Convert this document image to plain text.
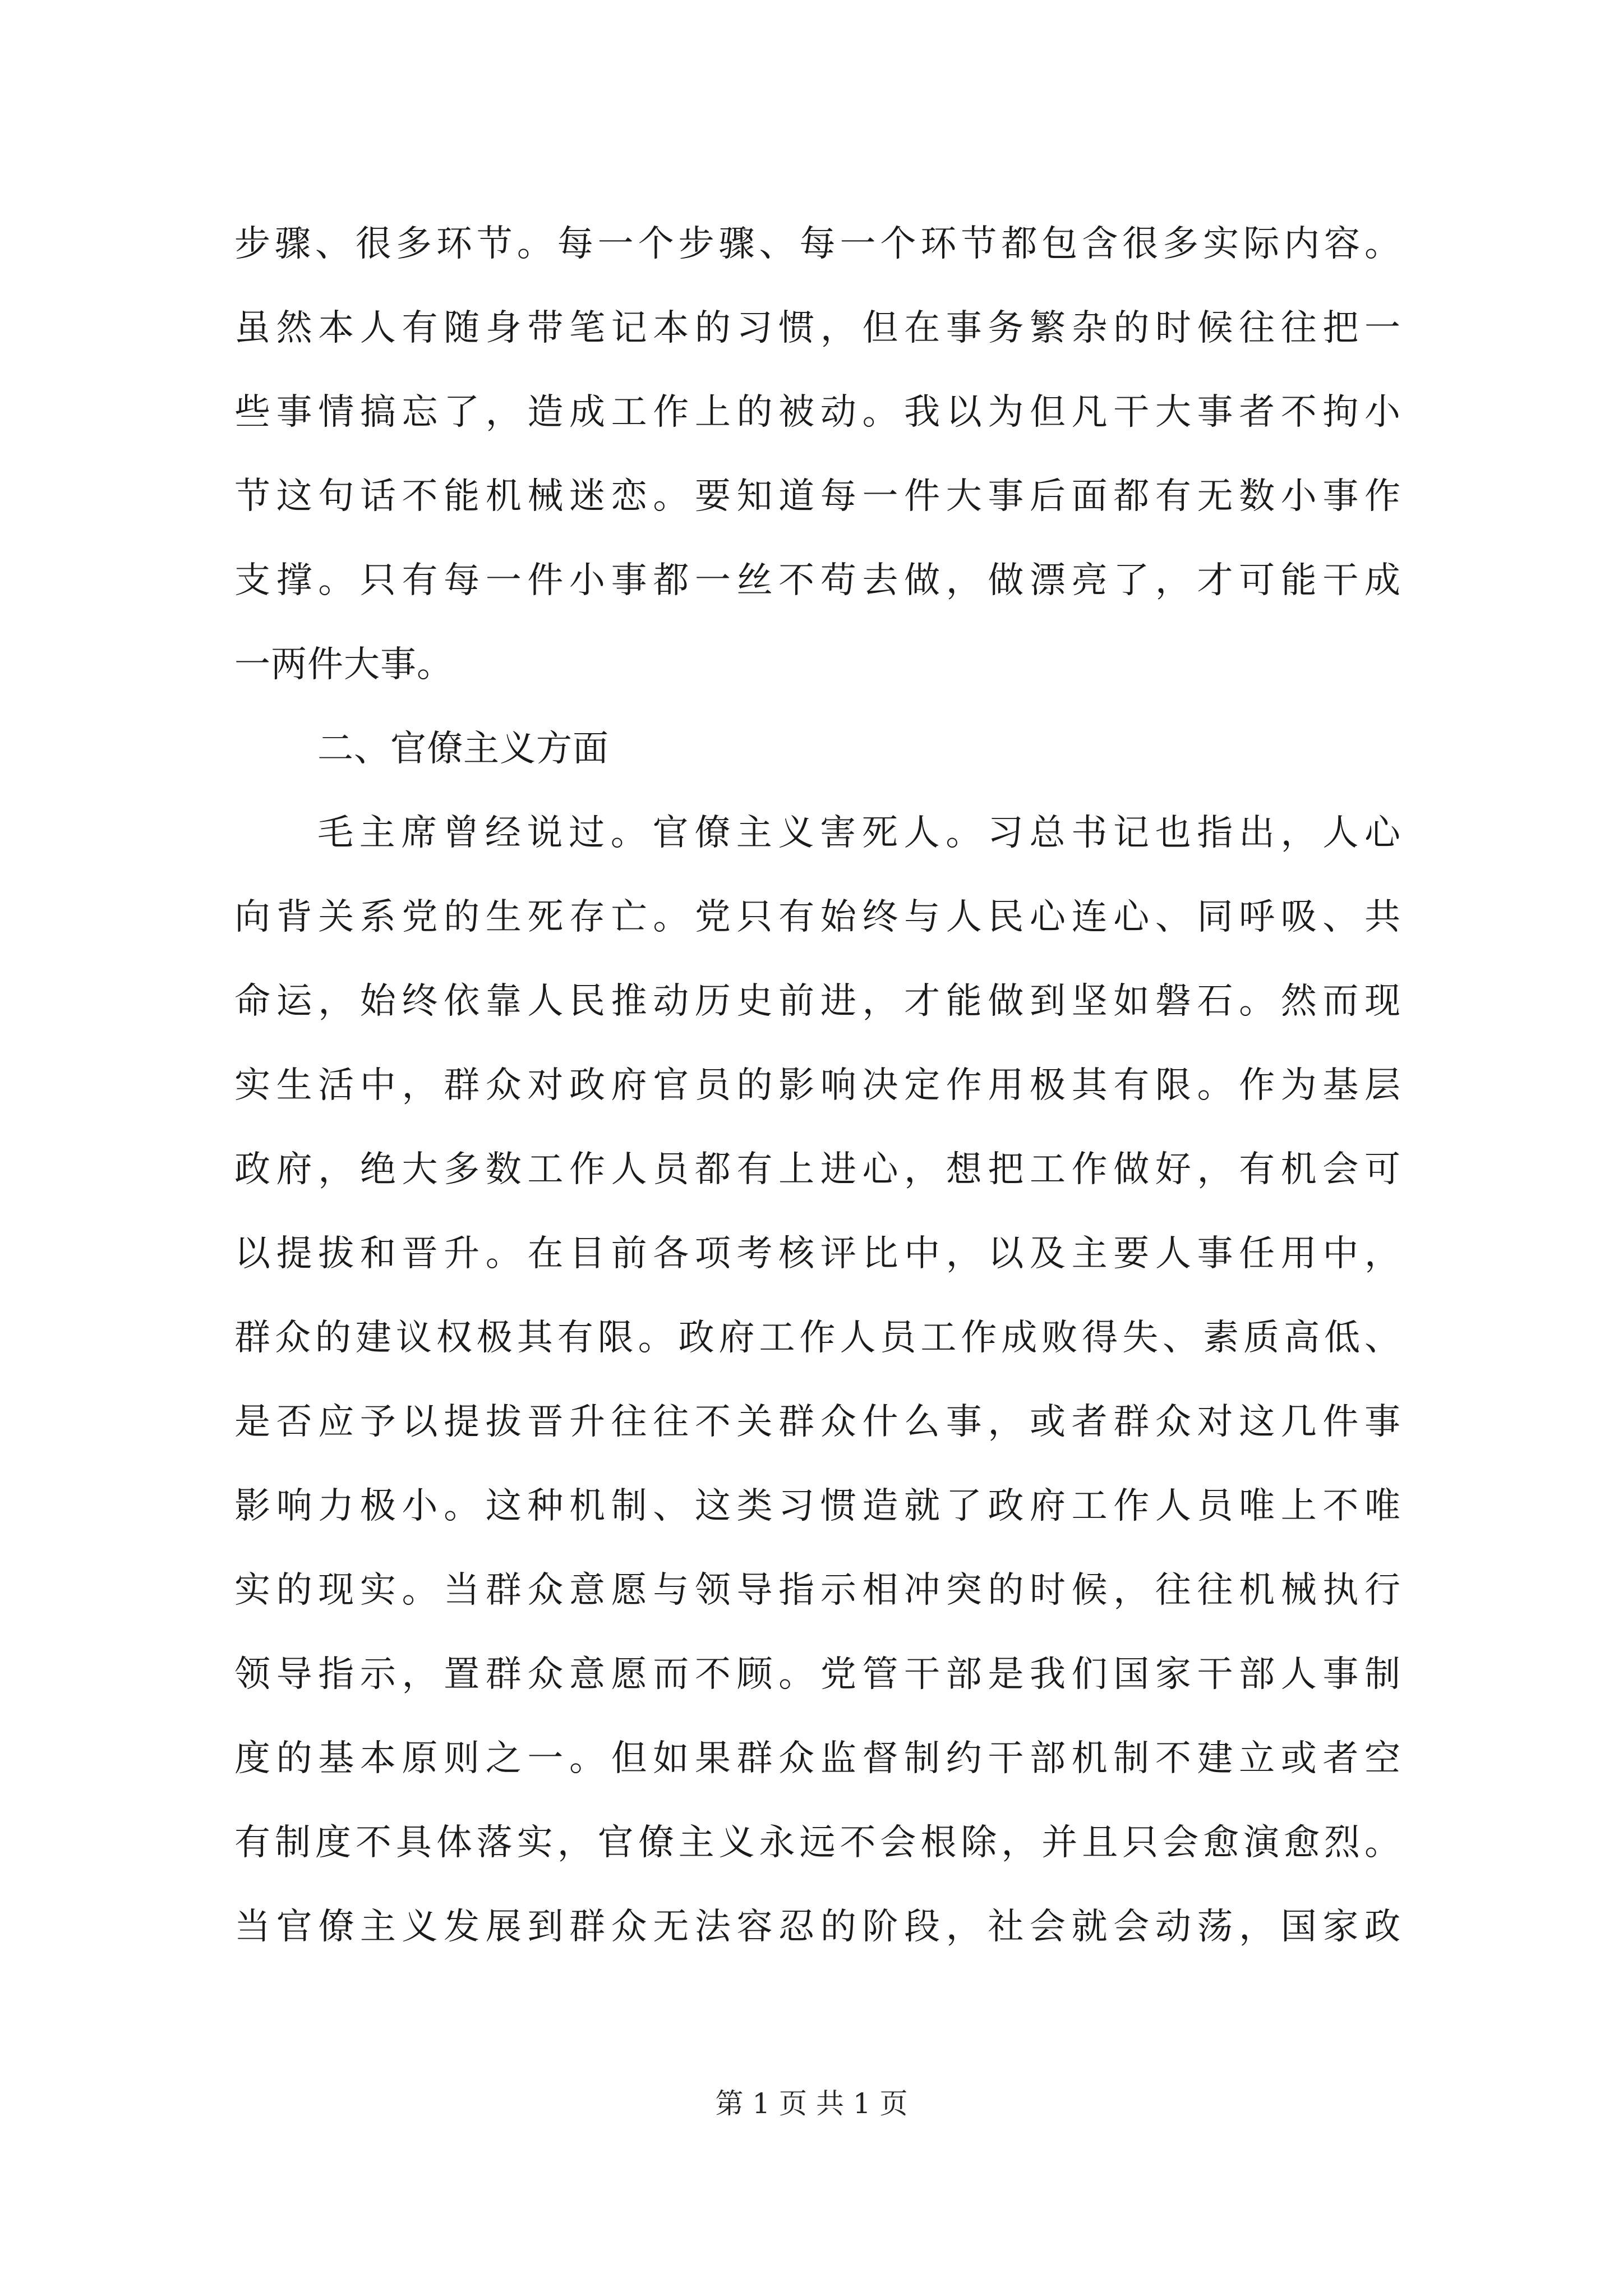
步骤、很多环节。每一个步骤、每一个环节都包含很多实际内容。
虽然本人有随身带笔记本的习惯，但在事务繁杂的时候往往把一
些事情搞忘了，造成工作上的被动。我以为但凡干大事者不拘小
节这句话不能机械迷恋。要知道每一件大事后面都有无数小事作
支撑。只有每一件小事都一丝不苟去做，做漂亮了，才可能干成
一两件大事。
二、官僚主义方面
毛主席曾经说过。官僚主义害死人。习总书记也指出，人心
向背关系党的生死存亡。党只有始终与人民心连心、同呼吸、共
命运，始终依靠人民推动历史前进，才能做到坚如磐石。然而现
实生活中，群众对政府官员的影响决定作用极其有限。作为基层
政府，绝大多数工作人员都有上进心，想把工作做好，有机会可
以提拔和晋升。在目前各项考核评比中，以及主要人事任用中，
群众的建议权极其有限。政府工作人员工作成败得失、素质高低、
是否应予以提拔晋升往往不关群众什么事，或者群众对这几件事
影响力极小。这种机制、这类习惯造就了政府工作人员唯上不唯
实的现实。当群众意愿与领导指示相冲突的时候，往往机械执行
领导指示，置群众意愿而不顾。党管干部是我们国家干部人事制
度的基本原则之一。但如果群众监督制约干部机制不建立或者空
有制度不具体落实，官僚主义永远不会根除，并且只会愈演愈烈。
当官僚主义发展到群众无法容忍的阶段，社会就会动荡，国家政
第 1 页 共 1 页
